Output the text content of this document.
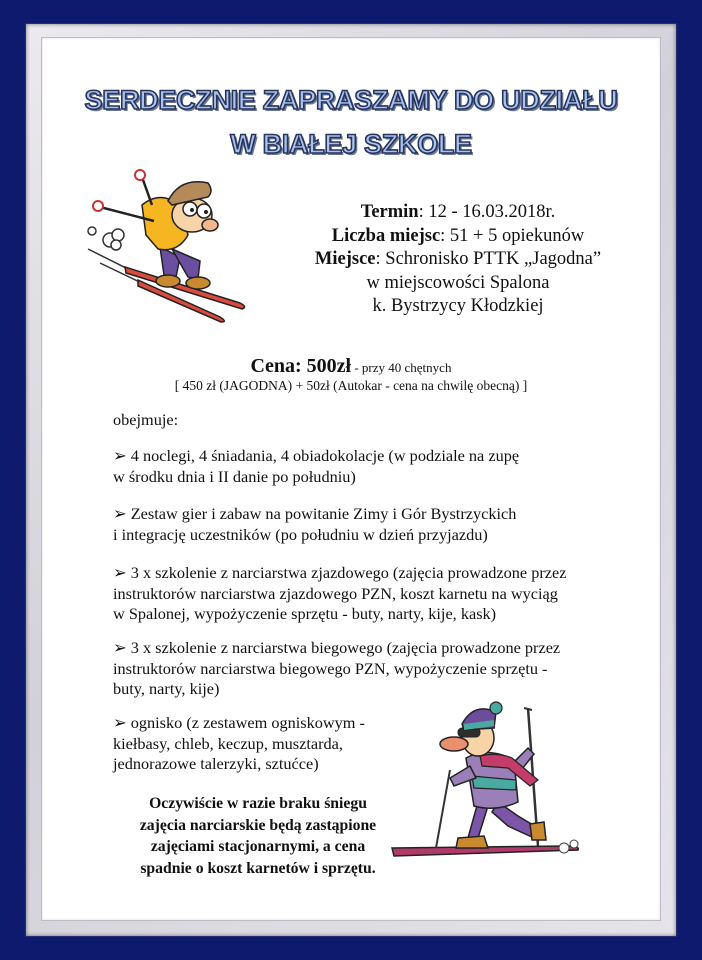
SERDECZNIE ZAPRASZAMY DO UDZIAŁU
W BIAŁEJ SZKOLE
Termin: 12 - 16.03.2018r.
Liczba miejsc: 51 + 5 opiekunów
Miejsce: Schronisko PTTK „Jagodna”
w miejscowości Spalona
k. Bystrzycy Kłodzkiej
Cena: 500zł - przy 40 chętnych
[ 450 zł (JAGODNA) + 50zł (Autokar - cena na chwilę obecną) ]

obejmuje:

➢ 4 noclegi, 4 śniadania, 4 obiadokolacje (w podziale na zupę
w środku dnia i II danie po południu)
➢ Zestaw gier i zabaw na powitanie Zimy i Gór Bystrzyckich
i integrację uczestników (po południu w dzień przyjazdu)
➢ 3 x szkolenie z narciarstwa zjazdowego (zajęcia prowadzone przez
instruktorów narciarstwa zjazdowego PZN, koszt karnetu na wyciąg
w Spalonej, wypożyczenie sprzętu - buty, narty, kije, kask)
➢ 3 x szkolenie z narciarstwa biegowego (zajęcia prowadzone przez
instruktorów narciarstwa biegowego PZN, wypożyczenie sprzętu -
buty, narty, kije)
➢ ognisko (z zestawem ogniskowym -
kiełbasy, chleb, keczup, musztarda,
jednorazowe talerzyki, sztućce)
Oczywiście w razie braku śniegu
zajęcia narciarskie będą zastąpione
zajęciami stacjonarnymi, a cena
spadnie o koszt karnetów i sprzętu.
